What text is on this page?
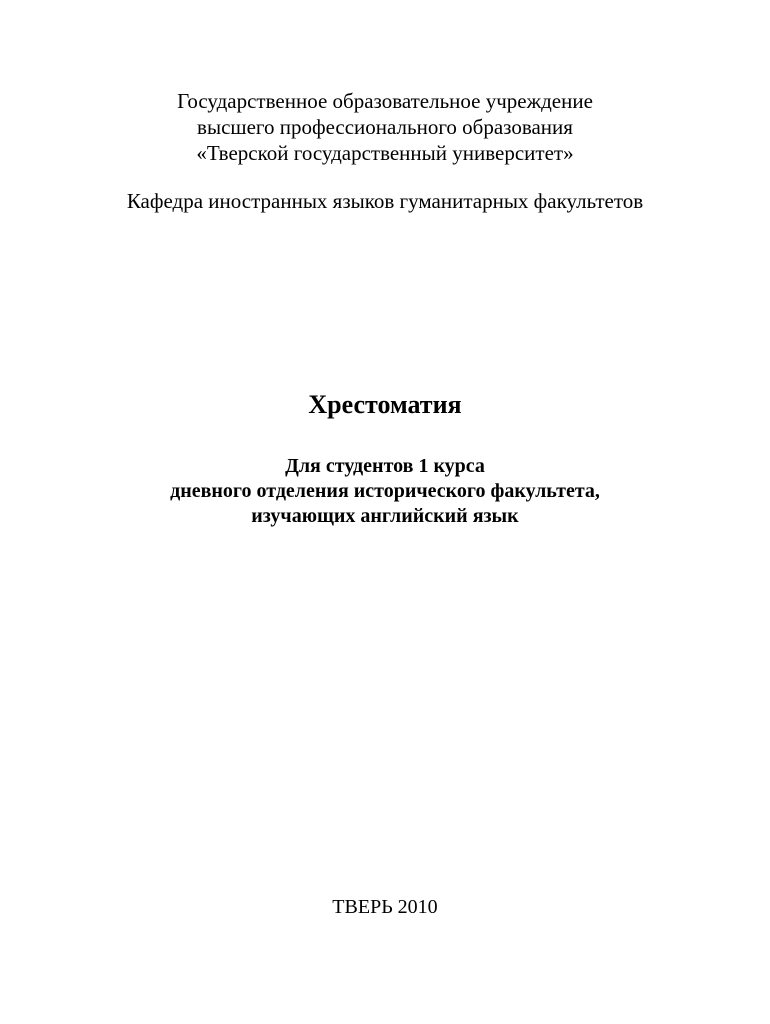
Государственное образовательное учреждение
высшего профессионального образования
«Тверской государственный университет»
Кафедра иностранных языков гуманитарных факультетов
Хрестоматия
Для студентов 1 курса
дневного отделения исторического факультета,
изучающих английский язык
ТВЕРЬ 2010
